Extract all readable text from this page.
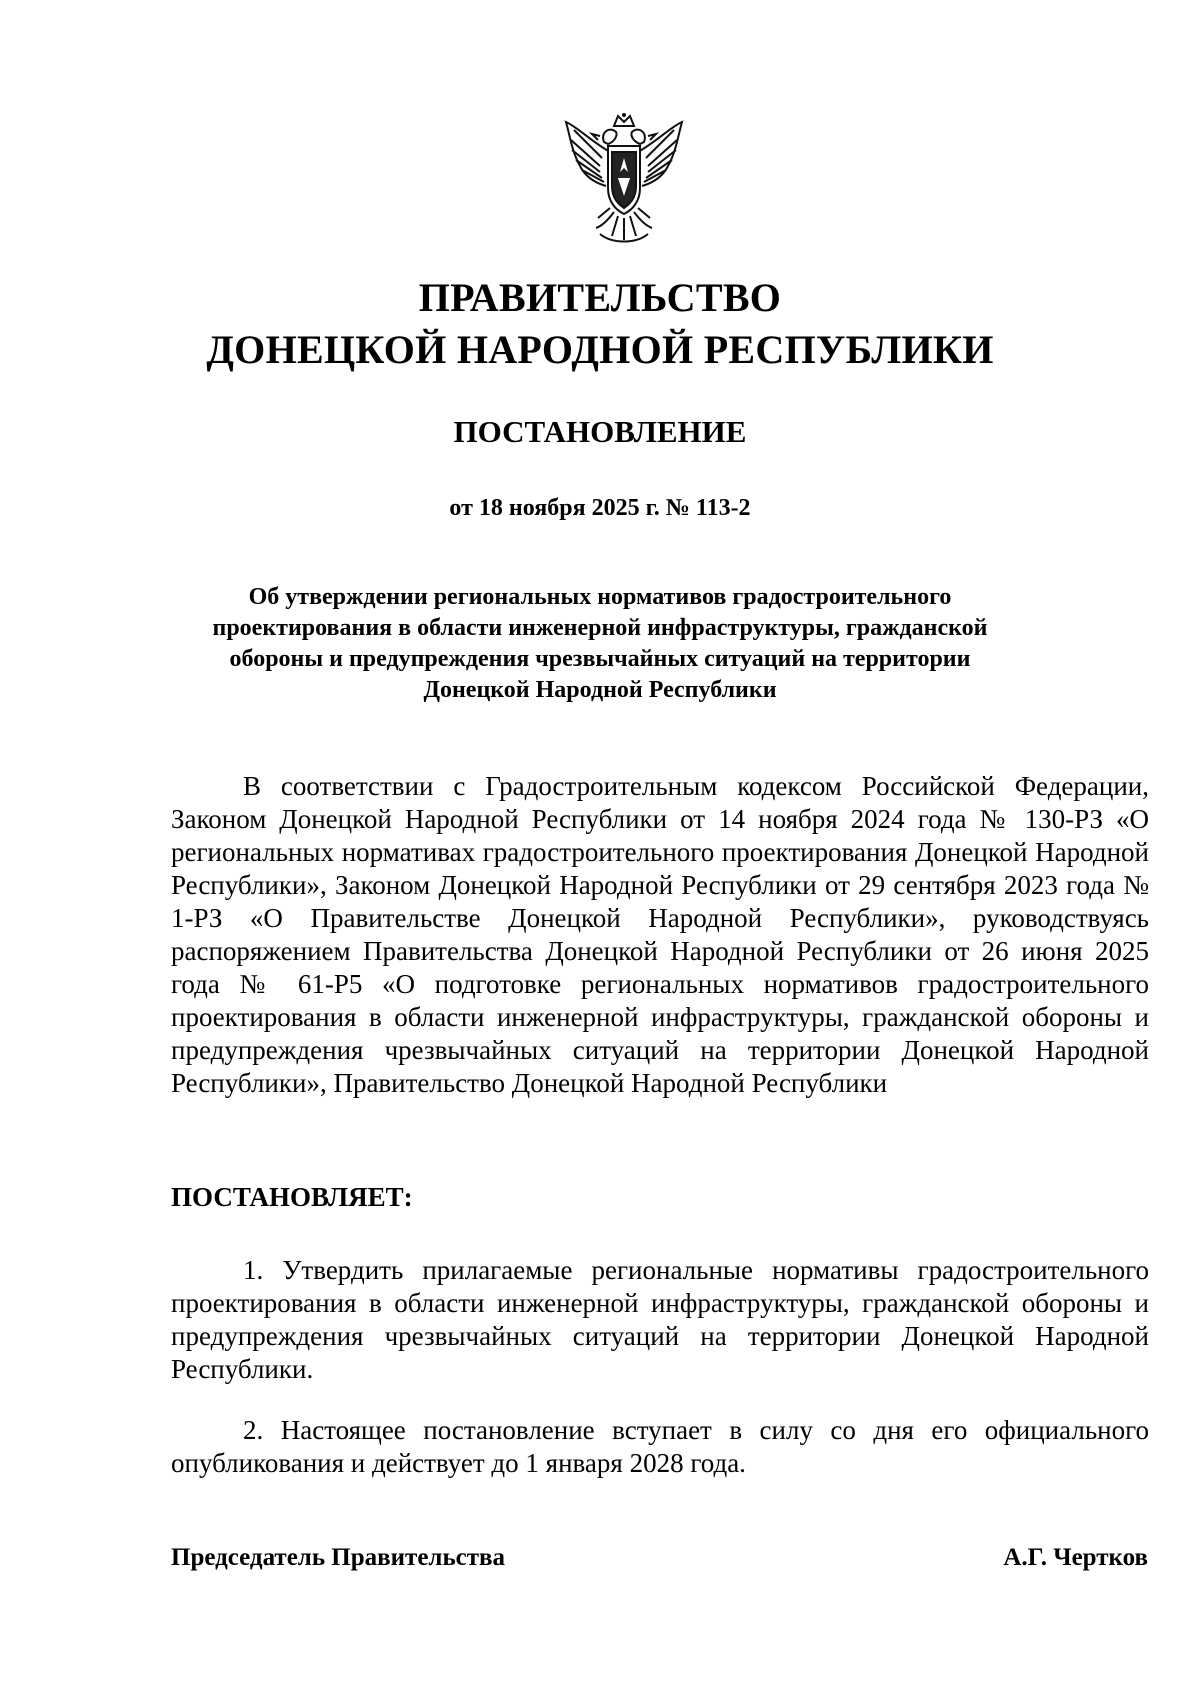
ПРАВИТЕЛЬСТВО
ДОНЕЦКОЙ НАРОДНОЙ РЕСПУБЛИКИ
ПОСТАНОВЛЕНИЕ
от 18 ноября 2025 г. № 113-2
Об утверждении региональных нормативов градостроительного
проектирования в области инженерной инфраструктуры, гражданской
обороны и предупреждения чрезвычайных ситуаций на территории
Донецкой Народной Республики
В соответствии с Градостроительным кодексом Российской Федерации, Законом Донецкой Народной Республики от 14 ноября 2024 года № 130-РЗ «О региональных нормативах градостроительного проектирования Донецкой Народной Республики», Законом Донецкой Народной Республики от 29 сентября 2023 года № 1-РЗ «О Правительстве Донецкой Народной Республики», руководствуясь распоряжением Правительства Донецкой Народной Республики от 26 июня 2025 года № 61-Р5 «О подготовке региональных нормативов градостроительного проектирования в области инженерной инфраструктуры, гражданской обороны и предупреждения чрезвычайных ситуаций на территории Донецкой Народной Республики», Правительство Донецкой Народной Республики
ПОСТАНОВЛЯЕТ:
1. Утвердить прилагаемые региональные нормативы градостроительного проектирования в области инженерной инфраструктуры, гражданской обороны и предупреждения чрезвычайных ситуаций на территории Донецкой Народной Республики.
2. Настоящее постановление вступает в силу со дня его официального опубликования и действует до 1 января 2028 года.
Председатель Правительства	А.Г. Чертков
